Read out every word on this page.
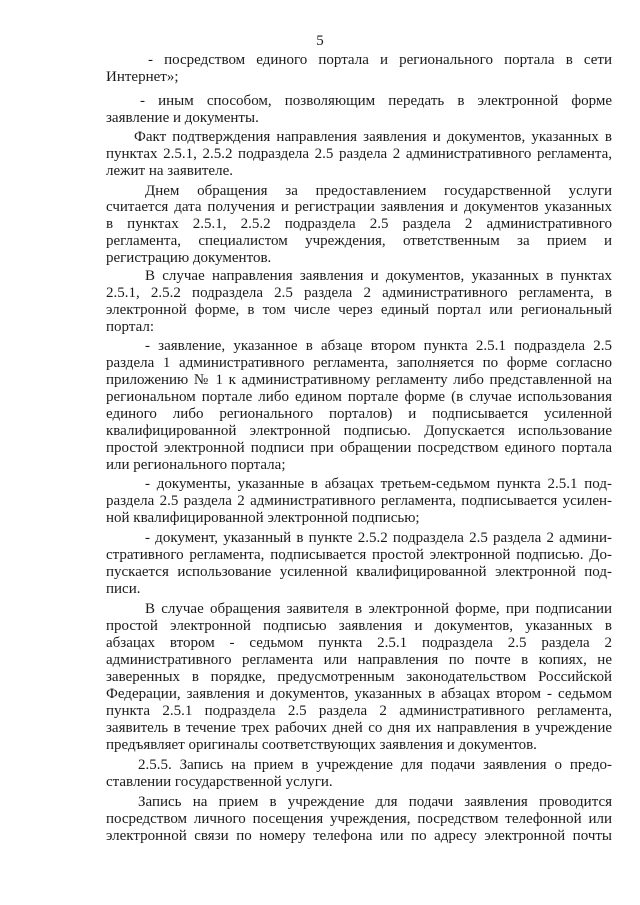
5
- посредством единого портала и регионального портала в сети
Интернет»;
- иным способом, позволяющим передать в электронной форме
заявление и документы.
Факт подтверждения направления заявления и документов, указанных в
пунктах 2.5.1, 2.5.2 подраздела 2.5 раздела 2 административного регламента,
лежит на заявителе.
Днем обращения за предоставлением государственной услуги
считается дата получения и регистрации заявления и документов указанных
в пунктах 2.5.1, 2.5.2 подраздела 2.5 раздела 2 административного
регламента, специалистом учреждения, ответственным за прием и
регистрацию документов.
В случае направления заявления и документов, указанных в пунктах
2.5.1, 2.5.2 подраздела 2.5 раздела 2 административного регламента, в
электронной форме, в том числе через единый портал или региональный
портал:
- заявление, указанное в абзаце втором пункта 2.5.1 подраздела 2.5
раздела 1 административного регламента, заполняется по форме согласно
приложению № 1 к административному регламенту либо представленной на
региональном портале либо едином портале форме (в случае использования
единого либо регионального порталов) и подписывается усиленной
квалифицированной электронной подписью. Допускается использование
простой электронной подписи при обращении посредством единого портала
или регионального портала;
- документы, указанные в абзацах третьем-седьмом пункта 2.5.1 под-
раздела 2.5 раздела 2 административного регламента, подписывается усилен-
ной квалифицированной электронной подписью;
- документ, указанный в пункте 2.5.2 подраздела 2.5 раздела 2 админи-
стративного регламента, подписывается простой электронной подписью. До-
пускается использование усиленной квалифицированной электронной под-
писи.
В случае обращения заявителя в электронной форме, при подписании
простой электронной подписью заявления и документов, указанных в
абзацах втором - седьмом пункта 2.5.1 подраздела 2.5 раздела 2
административного регламента или направления по почте в копиях, не
заверенных в порядке, предусмотренным законодательством Российской
Федерации, заявления и документов, указанных в абзацах втором - седьмом
пункта 2.5.1 подраздела 2.5 раздела 2 административного регламента,
заявитель в течение трех рабочих дней со дня их направления в учреждение
предъявляет оригиналы соответствующих заявления и документов.
2.5.5. Запись на прием в учреждение для подачи заявления о предо-
ставлении государственной услуги.
Запись на прием в учреждение для подачи заявления проводится
посредством личного посещения учреждения, посредством телефонной или
электронной связи по номеру телефона или по адресу электронной почты
